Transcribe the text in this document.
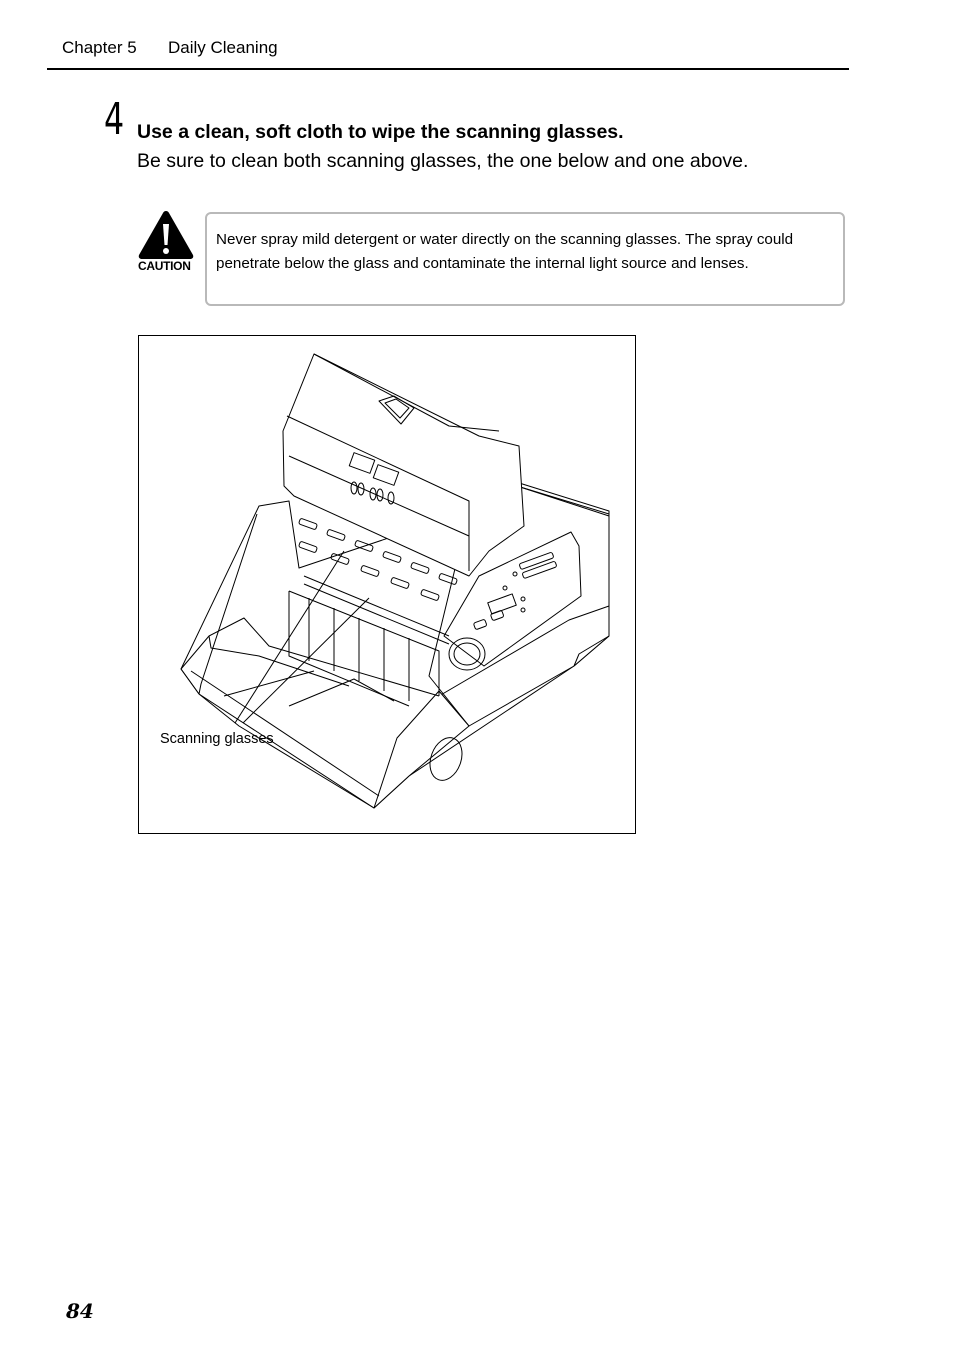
Chapter 5 Daily Cleaning
4 Use a clean, soft cloth to wipe the scanning glasses.
Be sure to clean both scanning glasses, the one below and one above.
CAUTION
Never spray mild detergent or water directly on the scanning glasses. The spray could penetrate below the glass and contaminate the internal light source and lenses.
Scanning glasses
84
